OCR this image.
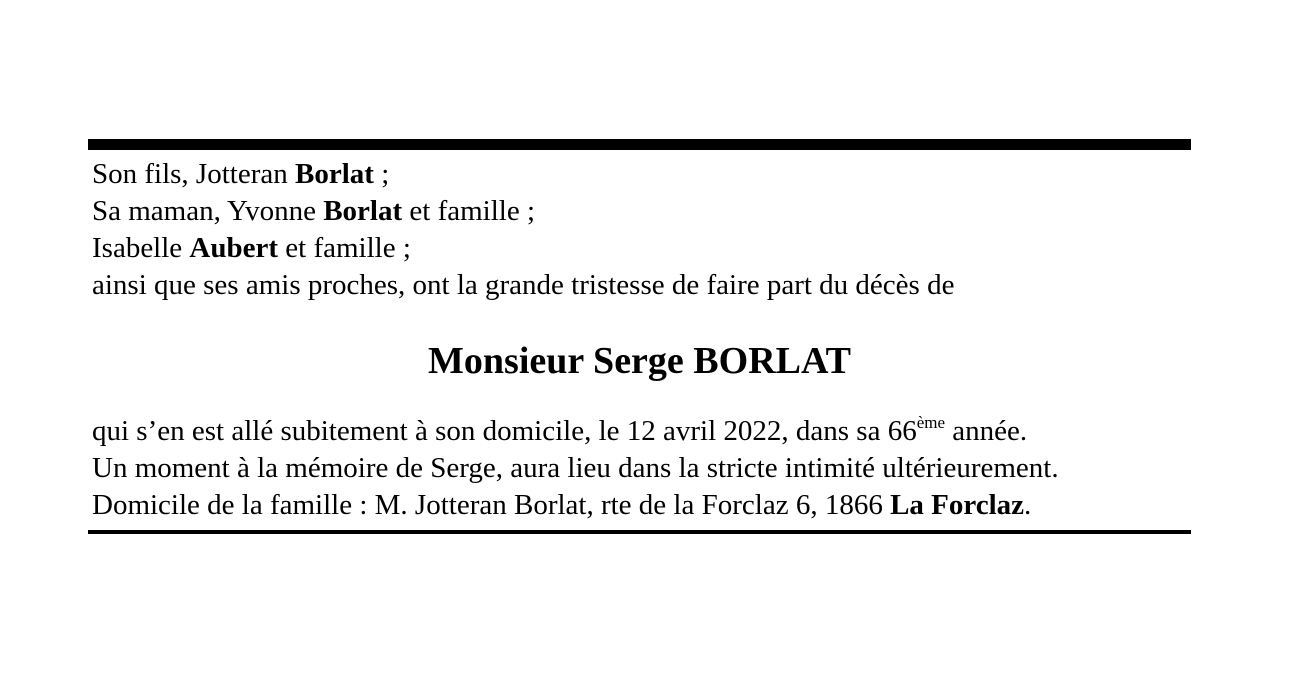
Son fils, Jotteran Borlat ;
Sa maman, Yvonne Borlat et famille ;
Isabelle Aubert et famille ;
ainsi que ses amis proches, ont la grande tristesse de faire part du décès de
Monsieur Serge BORLAT
qui s’en est allé subitement à son domicile, le 12 avril 2022, dans sa 66ème année.
Un moment à la mémoire de Serge, aura lieu dans la stricte intimité ultérieurement.
Domicile de la famille : M. Jotteran Borlat, rte de la Forclaz 6, 1866 La Forclaz.
